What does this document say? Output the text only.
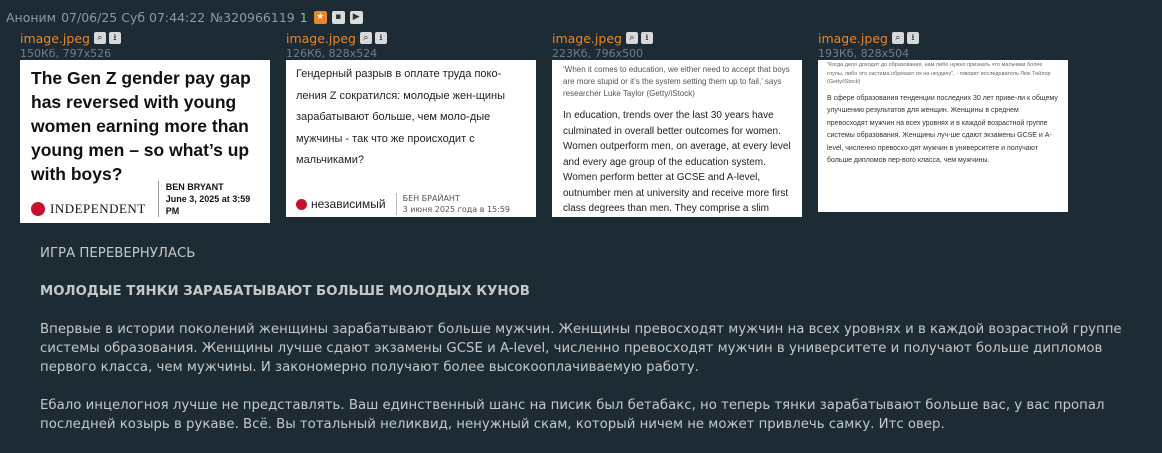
Аноним 07/06/25 Суб 07:44:22 №320966119 1 ★	▪	▶
image.jpeg ⌕	⭳
150Кб, 797x526
image.jpeg ⌕	⭳
126Кб, 828x524
image.jpeg ⌕	⭳
223Кб, 796x500
image.jpeg ⌕	⭳
193Кб, 828x504
The Gen Z gender pay gap has reversed with young women earning more than young men – so what’s up with boys?
INDEPENDENT
BEN BRYANT
June 3, 2025 at 3:59 PM
Гендерный разрыв в оплате труда поко-ления Z сократился: молодые жен-щины зарабатывают больше, чем моло-дые мужчины - так что же происходит с мальчиками?
независимый	БЕН БРАЙАНТ
3 июня 2025 года в 15:59
‘When it comes to education, we either need to accept that boys are more stupid or it’s the system setting them up to fail,’ says researcher Luke Taylor (Getty/iStock)
In education, trends over the last 30 years have culminated in overall better outcomes for women. Women outperform men, on average, at every level and every age group of the education system. Women perform better at GCSE and A-level, outnumber men at university and receive more first class degrees than men. They comprise a slim
"Когда дело доходит до образования, нам либо нужно признать что мальчики более глупы, либо это система обрекает их на неудачу", - говорит исследователь Люк Тейлор (Getty/iStock)
В сфере образования тенденции последних 30 лет приве-ли к общему улучшению результатов для женщин. Женщины в среднем превосходят мужчин на всех уровнях и в каждой возрастной группе системы образования. Женщины луч-ше сдают экзамены GCSE и A-level, численно превосхо-дят мужчин в университете и получают больше дипломов пер-вого класса, чем мужчины.

ИГРА ПЕРЕВЕРНУЛАСЬ

МОЛОДЫЕ ТЯНКИ ЗАРАБАТЫВАЮТ БОЛЬШЕ МОЛОДЫХ КУНОВ

Впервые в истории поколений женщины зарабатывают больше мужчин. Женщины превосходят мужчин на всех уровнях и в каждой возрастной группе системы образования. Женщины лучше сдают экзамены GCSE и A-level, численно превосходят мужчин в университете и получают больше дипломов первого класса, чем мужчины. И закономерно получают более высокооплачиваемую работу.

Ебало инцелогноя лучше не представлять. Ваш единственный шанс на писик был бетабакс, но теперь тянки зарабатывают больше вас, у вас пропал последней козырь в рукаве. Всё. Вы тотальный неликвид, ненужный скам, который ничем не может привлечь самку. Итс овер.
